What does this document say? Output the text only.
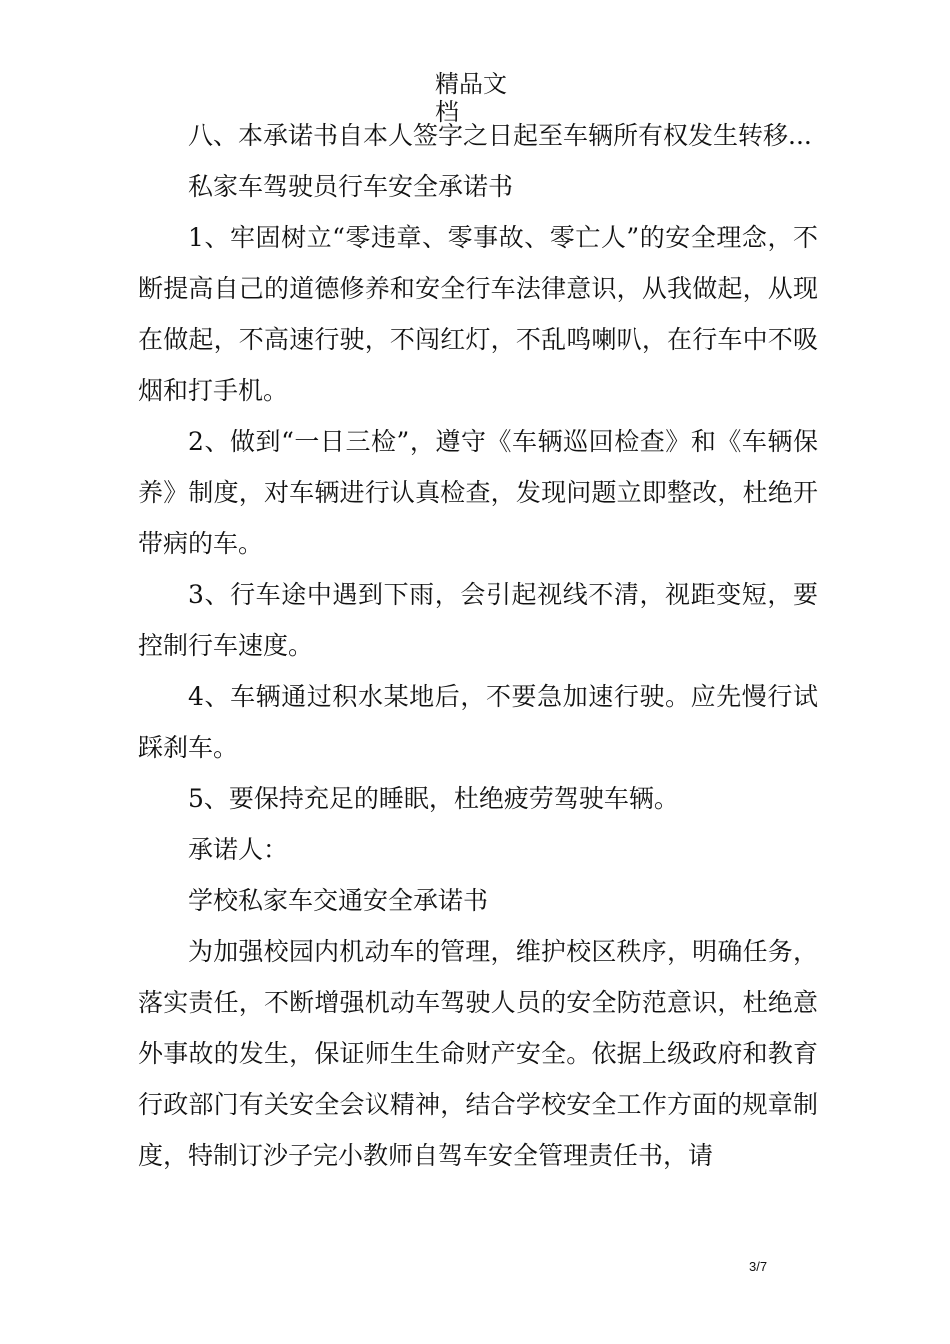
精品文档

八、本承诺书自本人签字之日起至车辆所有权发生转移...

私家车驾驶员行车安全承诺书

1、牢固树立“零违章、零事故、零亡人”的安全理念，不断提高自己的道德修养和安全行车法律意识，从我做起，从现在做起，不高速行驶，不闯红灯，不乱鸣喇叭，在行车中不吸烟和打手机。

2、做到“一日三检”，遵守《车辆巡回检查》和《车辆保养》制度，对车辆进行认真检查，发现问题立即整改，杜绝开带病的车。

3、行车途中遇到下雨，会引起视线不清，视距变短，要控制行车速度。

4、车辆通过积水某地后，不要急加速行驶。应先慢行试踩刹车。

5、要保持充足的睡眠，杜绝疲劳驾驶车辆。

承诺人：

学校私家车交通安全承诺书

为加强校园内机动车的管理，维护校区秩序，明确任务，落实责任，不断增强机动车驾驶人员的安全防范意识，杜绝意外事故的发生，保证师生生命财产安全。依据上级政府和教育行政部门有关安全会议精神，结合学校安全工作方面的规章制度，特制订沙子完小教师自驾车安全管理责任书，请

3/7
